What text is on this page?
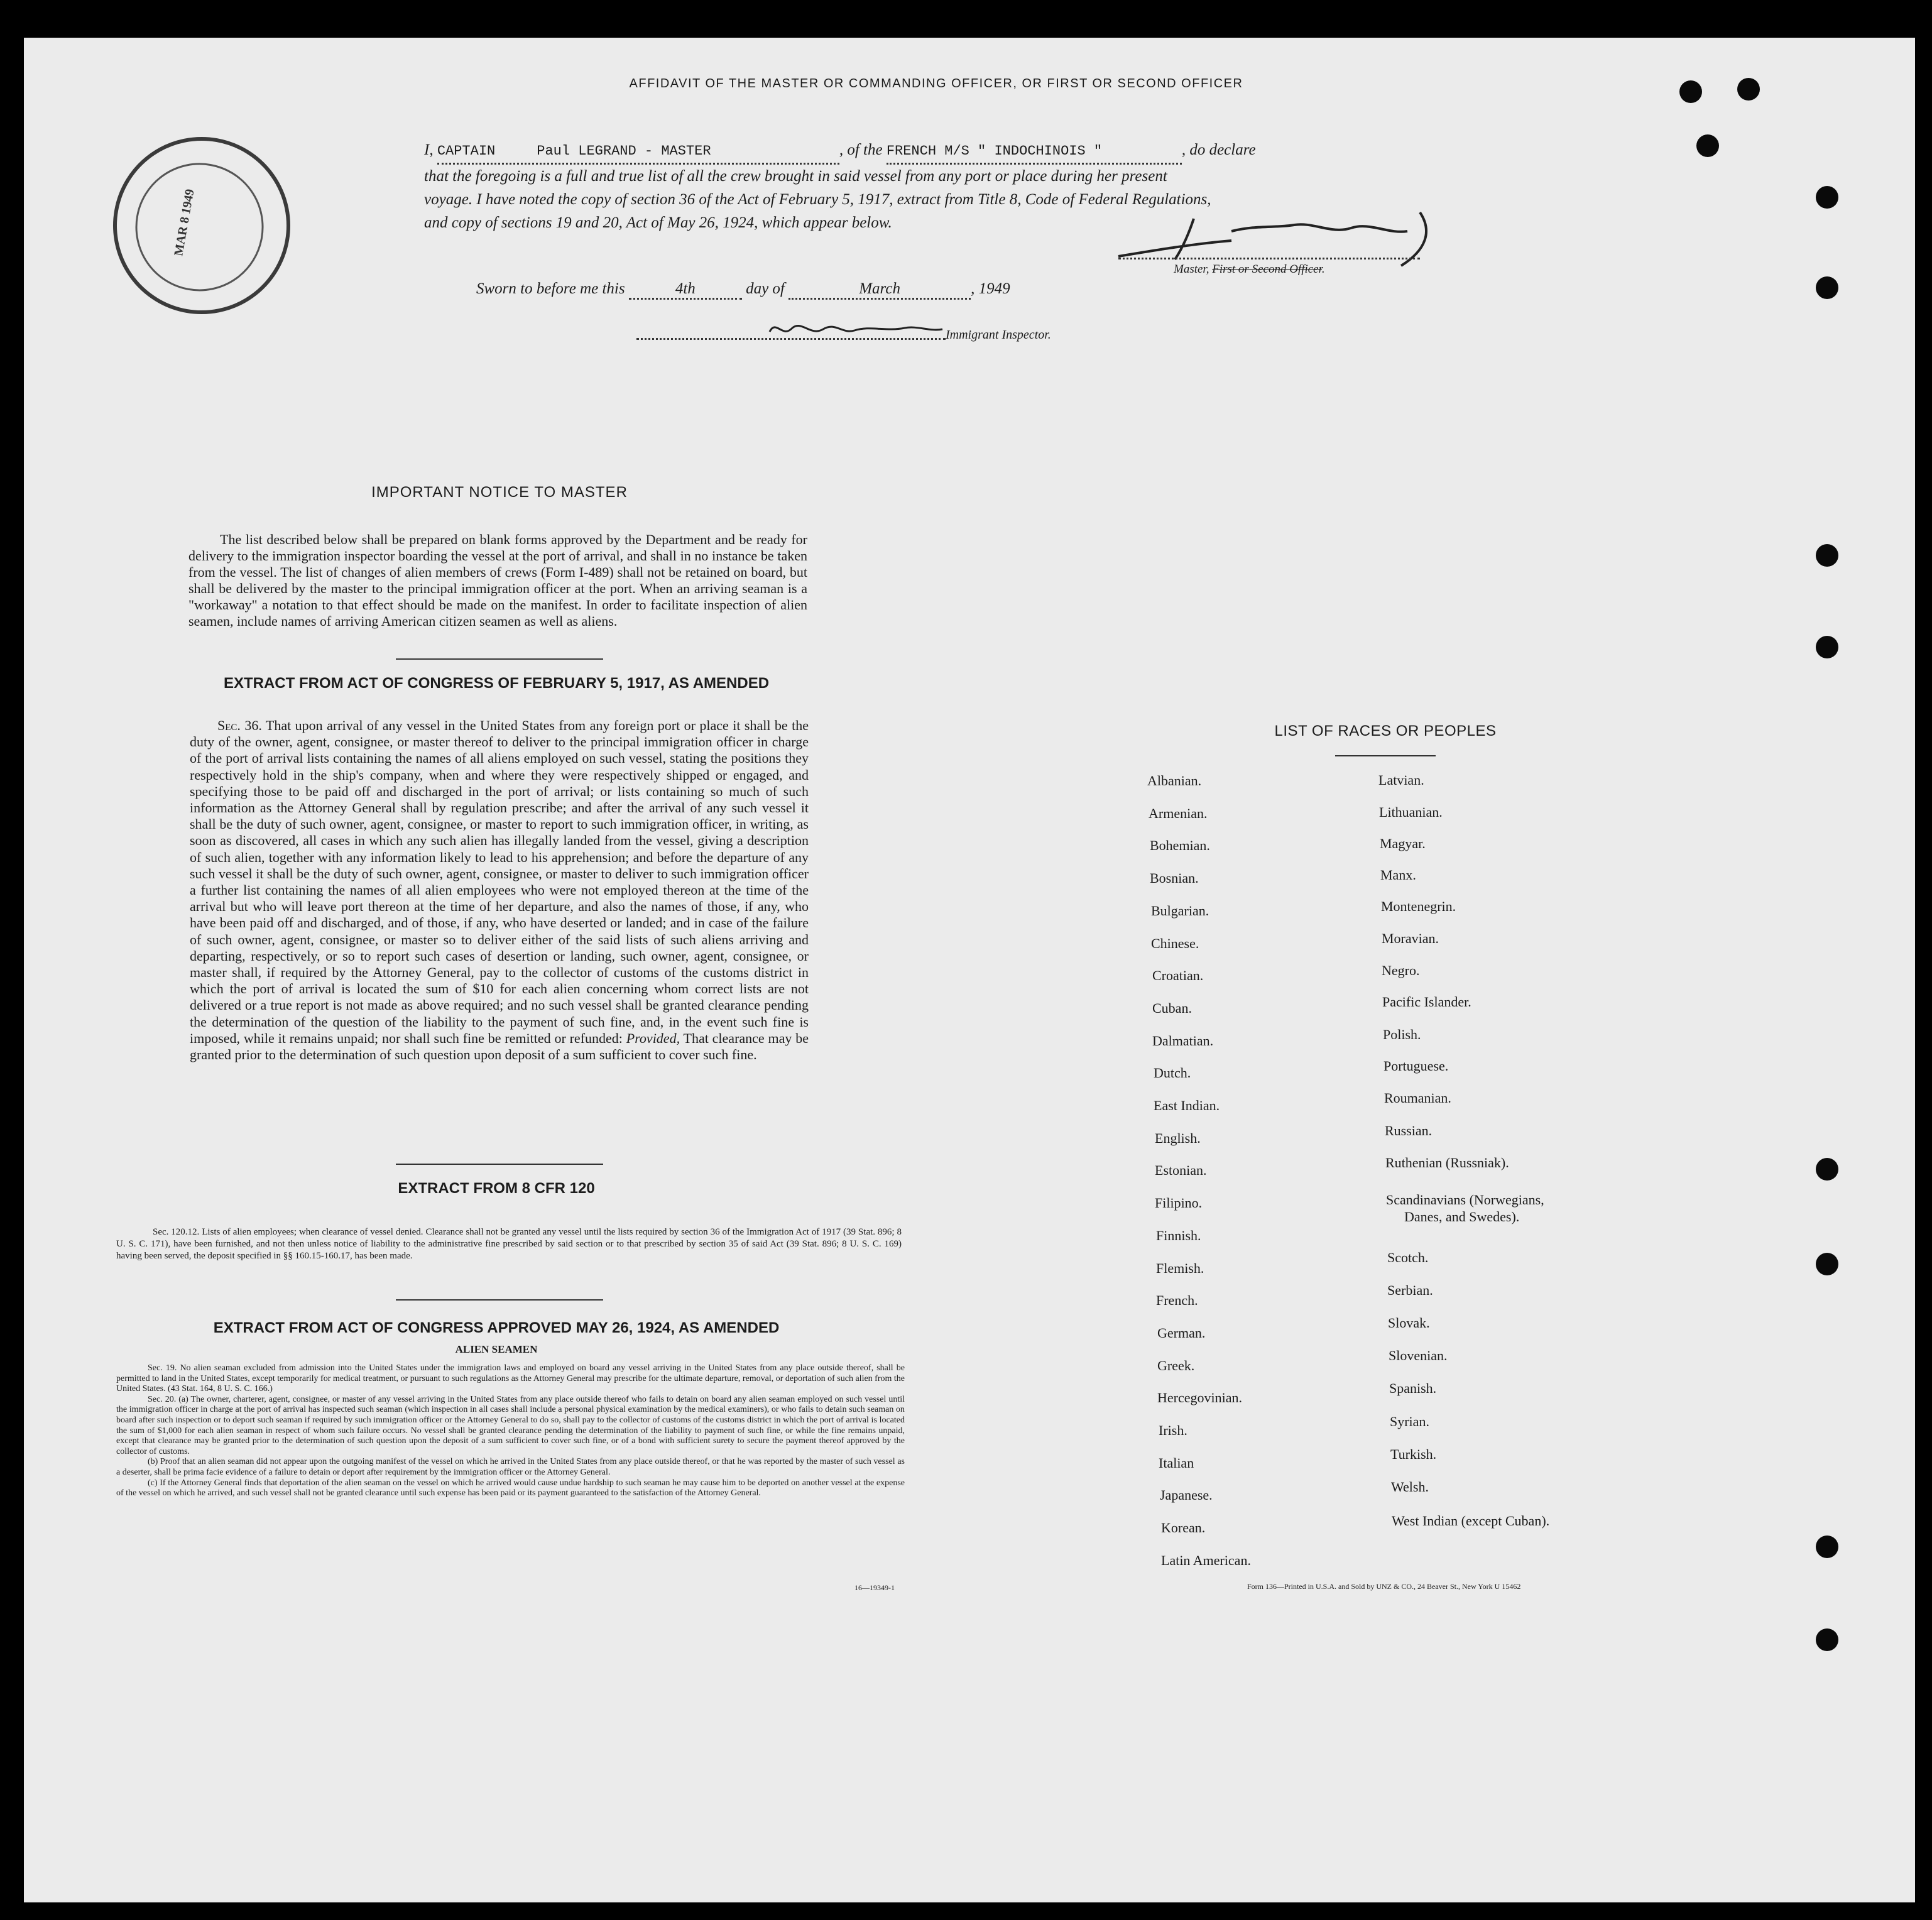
AFFIDAVIT OF THE MASTER OR COMMANDING OFFICER, OR FIRST OR SECOND OFFICER
MAR 8 1949
I, CAPTAIN	Paul LEGRAND - MASTER	, of the FRENCH M/S " INDOCHINOIS "	, do declare
that the foregoing is a full and true list of all the crew brought in said vessel from any port or place during her present
voyage. I have noted the copy of section 36 of the Act of February 5, 1917, extract from Title 8, Code of Federal Regulations,
and copy of sections 19 and 20, Act of May 26, 1924, which appear below.
Master, First or Second Officer.
Sworn to before me this	4th	day of	March	, 1949
Immigrant Inspector.
IMPORTANT NOTICE TO MASTER
The list described below shall be prepared on blank forms approved by the Department and be ready for delivery to the immigration inspector boarding the vessel at the port of arrival, and shall in no instance be taken from the vessel. The list of changes of alien members of crews (Form I-489) shall not be retained on board, but shall be delivered by the master to the principal immigration officer at the port. When an arriving seaman is a "workaway" a notation to that effect should be made on the manifest. In order to facilitate inspection of alien seamen, include names of arriving American citizen seamen as well as aliens.
EXTRACT FROM ACT OF CONGRESS OF FEBRUARY 5, 1917, AS AMENDED
Sec. 36. That upon arrival of any vessel in the United States from any foreign port or place it shall be the duty of the owner, agent, consignee, or master thereof to deliver to the principal immigration officer in charge of the port of arrival lists containing the names of all aliens employed on such vessel, stating the positions they respectively hold in the ship's company, when and where they were respectively shipped or engaged, and specifying those to be paid off and discharged in the port of arrival; or lists containing so much of such information as the Attorney General shall by regulation prescribe; and after the arrival of any such vessel it shall be the duty of such owner, agent, consignee, or master to report to such immigration officer, in writing, as soon as discovered, all cases in which any such alien has illegally landed from the vessel, giving a description of such alien, together with any information likely to lead to his apprehension; and before the departure of any such vessel it shall be the duty of such owner, agent, consignee, or master to deliver to such immigration officer a further list containing the names of all alien employees who were not employed thereon at the time of the arrival but who will leave port thereon at the time of her departure, and also the names of those, if any, who have been paid off and discharged, and of those, if any, who have deserted or landed; and in case of the failure of such owner, agent, consignee, or master so to deliver either of the said lists of such aliens arriving and departing, respectively, or so to report such cases of desertion or landing, such owner, agent, consignee, or master shall, if required by the Attorney General, pay to the collector of customs of the customs district in which the port of arrival is located the sum of $10 for each alien concerning whom correct lists are not delivered or a true report is not made as above required; and no such vessel shall be granted clearance pending the determination of the question of the liability to the payment of such fine, and, in the event such fine is imposed, while it remains unpaid; nor shall such fine be remitted or refunded: Provided, That clearance may be granted prior to the determination of such question upon deposit of a sum sufficient to cover such fine.
EXTRACT FROM 8 CFR 120
Sec. 120.12. Lists of alien employees; when clearance of vessel denied. Clearance shall not be granted any vessel until the lists required by section 36 of the Immigration Act of 1917 (39 Stat. 896; 8 U. S. C. 171), have been furnished, and not then unless notice of liability to the administrative fine prescribed by said section or to that prescribed by section 35 of said Act (39 Stat. 896; 8 U. S. C. 169) having been served, the deposit specified in §§ 160.15-160.17, has been made.
EXTRACT FROM ACT OF CONGRESS APPROVED MAY 26, 1924, AS AMENDED
ALIEN SEAMEN
Sec. 19. No alien seaman excluded from admission into the United States under the immigration laws and employed on board any vessel arriving in the United States from any place outside thereof, shall be permitted to land in the United States, except temporarily for medical treatment, or pursuant to such regulations as the Attorney General may prescribe for the ultimate departure, removal, or deportation of such alien from the United States. (43 Stat. 164, 8 U. S. C. 166.)
Sec. 20. (a) The owner, charterer, agent, consignee, or master of any vessel arriving in the United States from any place outside thereof who fails to detain on board any alien seaman employed on such vessel until the immigration officer in charge at the port of arrival has inspected such seaman (which inspection in all cases shall include a personal physical examination by the medical examiners), or who fails to detain such seaman on board after such inspection or to deport such seaman if required by such immigration officer or the Attorney General to do so, shall pay to the collector of customs of the customs district in which the port of arrival is located the sum of $1,000 for each alien seaman in respect of whom such failure occurs. No vessel shall be granted clearance pending the determination of the liability to payment of such fine, or while the fine remains unpaid, except that clearance may be granted prior to the determination of such question upon the deposit of a sum sufficient to cover such fine, or of a bond with sufficient surety to secure the payment thereof approved by the collector of customs.
(b) Proof that an alien seaman did not appear upon the outgoing manifest of the vessel on which he arrived in the United States from any place outside thereof, or that he was reported by the master of such vessel as a deserter, shall be prima facie evidence of a failure to detain or deport after requirement by the immigration officer or the Attorney General.
(c) If the Attorney General finds that deportation of the alien seaman on the vessel on which he arrived would cause undue hardship to such seaman he may cause him to be deported on another vessel at the expense of the vessel on which he arrived, and such vessel shall not be granted clearance until such expense has been paid or its payment guaranteed to the satisfaction of the Attorney General.
16—19349-1
LIST OF RACES OR PEOPLES
Form 136—Printed in U.S.A. and Sold by UNZ & CO., 24 Beaver St., New York U 15462
Albanian.
Armenian.
Bohemian.
Bosnian.
Bulgarian.
Chinese.
Croatian.
Cuban.
Dalmatian.
Dutch.
East Indian.
English.
Estonian.
Filipino.
Finnish.
Flemish.
French.
German.
Greek.
Hercegovinian.
Irish.
Italian
Japanese.
Korean.
Latin American.
Latvian.
Lithuanian.
Magyar.
Manx.
Montenegrin.
Moravian.
Negro.
Pacific Islander.
Polish.
Portuguese.
Roumanian.
Russian.
Ruthenian (Russniak).
Scandinavians (Norwegians,
Danes, and Swedes).
Scotch.
Serbian.
Slovak.
Slovenian.
Spanish.
Syrian.
Turkish.
Welsh.
West Indian (except Cuban).
